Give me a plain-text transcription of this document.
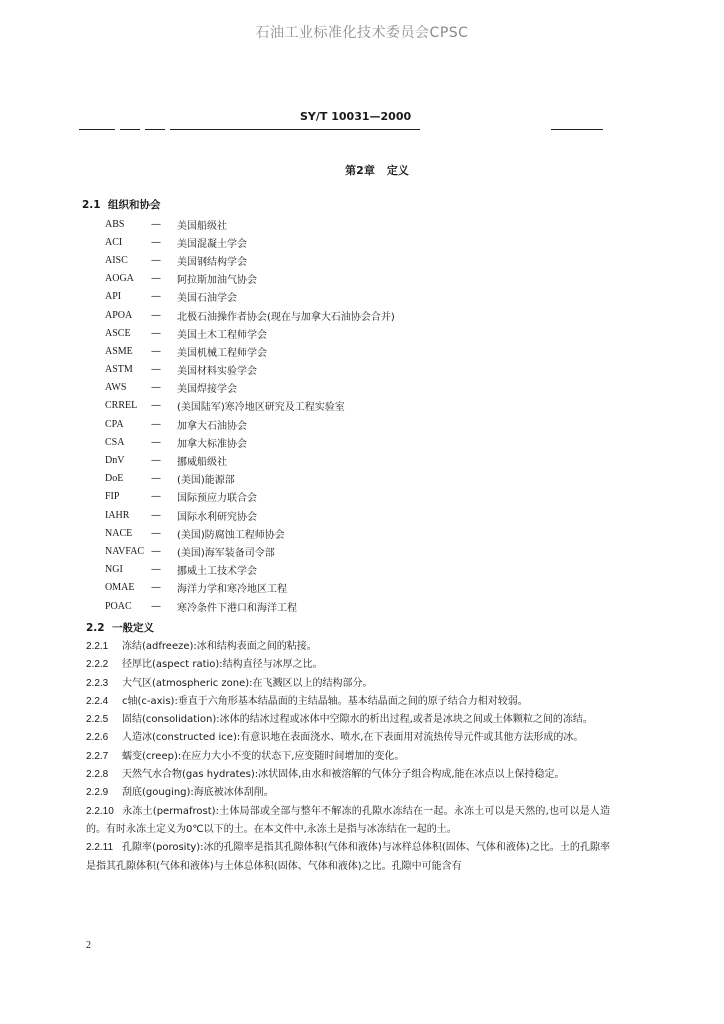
石油工业标准化技术委员会CPSC
SY/T 10031—2000
第2章 定义
2.1 组织和协会
ABS	—	美国船级社
ACI	—	美国混凝土学会
AISC	—	美国钢结构学会
AOGA	—	阿拉斯加油气协会
API	—	美国石油学会
APOA	—	北极石油操作者协会(现在与加拿大石油协会合并)
ASCE	—	美国土木工程师学会
ASME	—	美国机械工程师学会
ASTM	—	美国材料实验学会
AWS	—	美国焊接学会
CRREL	—	(美国陆军)寒冷地区研究及工程实验室
CPA	—	加拿大石油协会
CSA	—	加拿大标准协会
DnV	—	挪威船级社
DoE	—	(美国)能源部
FIP	—	国际预应力联合会
IAHR	—	国际水利研究协会
NACE	—	(美国)防腐蚀工程师协会
NAVFAC —	(美国)海军装备司令部
NGI	—	挪威土工技术学会
OMAE	—	海洋力学和寒冷地区工程
POAC	—	寒冷条件下港口和海洋工程
2.2 一般定义
2.2.1 冻结(adfreeze):冰和结构表面之间的粘接。
2.2.2 径厚比(aspect ratio):结构直径与冰厚之比。
2.2.3 大气区(atmospheric zone):在飞溅区以上的结构部分。
2.2.4 c轴(c-axis):垂直于六角形基本结晶面的主结晶轴。基本结晶面之间的原子结合力相对较弱。
2.2.5 固结(consolidation):冰体的结冰过程或冰体中空隙水的析出过程,或者是冰块之间或土体颗粒之间的冻结。
2.2.6 人造冰(constructed ice):有意识地在表面浇水、喷水,在下表面用对流热传导元件或其他方法形成的冰。
2.2.7 蠕变(creep):在应力大小不变的状态下,应变随时间增加的变化。
2.2.8 天然气水合物(gas hydrates):冰状固体,由水和被溶解的气体分子组合构成,能在冰点以上保持稳定。
2.2.9 刮底(gouging):海底被冰体刮削。
2.2.10 永冻土(permafrost):土体局部或全部与整年不解冻的孔隙水冻结在一起。永冻土可以是天然的,也可以是人造的。有时永冻土定义为0℃以下的土。在本文件中,永冻土是指与冰冻结在一起的土。
2.2.11 孔隙率(porosity):冰的孔隙率是指其孔隙体积(气体和液体)与冰样总体积(固体、气体和液体)之比。土的孔隙率是指其孔隙体积(气体和液体)与土体总体积(固体、气体和液体)之比。孔隙中可能含有
2
